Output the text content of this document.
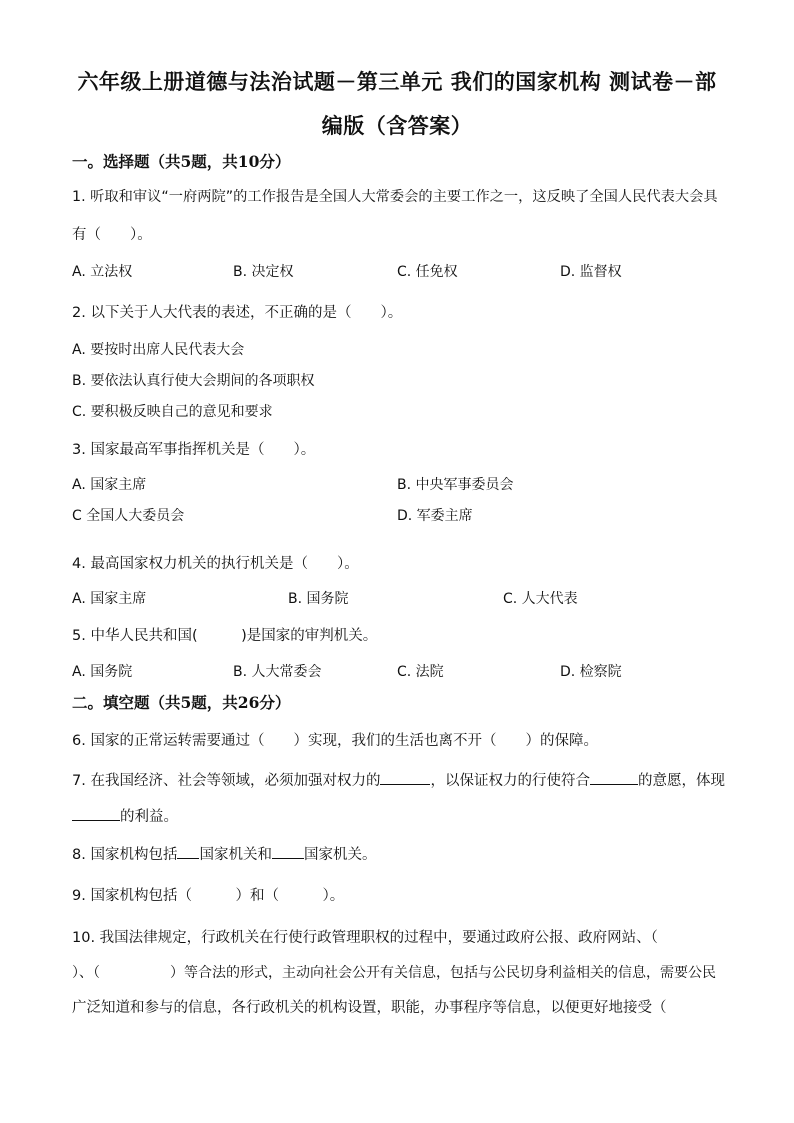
六年级上册道德与法治试题－第三单元 我们的国家机构 测试卷－部
编版（含答案）
一。选择题（共5题，共10分）
1. 听取和审议“一府两院”的工作报告是全国人大常委会的主要工作之一，这反映了全国人民代表大会具
有（　　）。
A. 立法权	B. 决定权	C. 任免权	D. 监督权
2. 以下关于人大代表的表述，不正确的是（　　）。
A. 要按时出席人民代表大会
B. 要依法认真行使大会期间的各项职权
C. 要积极反映自己的意见和要求
3. 国家最高军事指挥机关是（　　）。
A. 国家主席	B. 中央军事委员会
C 全国人大委员会	D. 军委主席
4. 最高国家权力机关的执行机关是（　　）。
A. 国家主席	B. 国务院	C. 人大代表
5. 中华人民共和国(　　　)是国家的审判机关。
A. 国务院	B. 人大常委会	C. 法院	D. 检察院
二。填空题（共5题，共26分）
6. 国家的正常运转需要通过（　　）实现，我们的生活也离不开（　　）的保障。
7. 在我国经济、社会等领域，必须加强对权力的	，以保证权力的行使符合	的意愿，体现
的利益。
8. 国家机构包括 国家机关和 国家机关。
9. 国家机构包括（　　　）和（　　　）。
10. 我国法律规定，行政机关在行使行政管理职权的过程中，要通过政府公报、政府网站、（
）、（　　　　　）等合法的形式，主动向社会公开有关信息，包括与公民切身利益相关的信息，需要公民
广泛知道和参与的信息，各行政机关的机构设置，职能，办事程序等信息，以便更好地接受（
